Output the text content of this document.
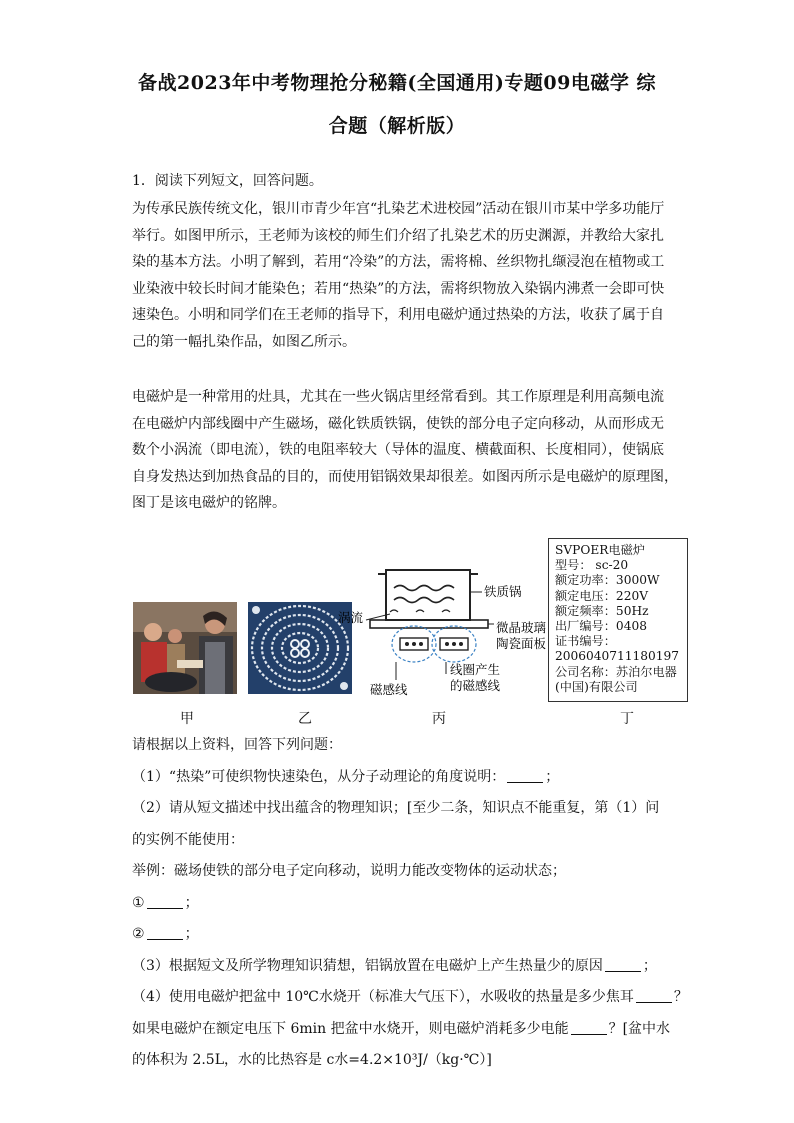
备战2023年中考物理抢分秘籍(全国通用)专题09电磁学 综
合题（解析版）
1．阅读下列短文，回答问题。
为传承民族传统文化，银川市青少年宫“扎染艺术进校园”活动在银川市某中学多功能厅
举行。如图甲所示，王老师为该校的师生们介绍了扎染艺术的历史渊源，并教给大家扎
染的基本方法。小明了解到，若用“冷染”的方法，需将棉、丝织物扎缬浸泡在植物或工
业染液中较长时间才能染色；若用“热染”的方法，需将织物放入染锅内沸煮一会即可快
速染色。小明和同学们在王老师的指导下，利用电磁炉通过热染的方法，收获了属于自
己的第一幅扎染作品，如图乙所示。
电磁炉是一种常用的灶具，尤其在一些火锅店里经常看到。其工作原理是利用高频电流
在电磁炉内部线圈中产生磁场，磁化铁质铁锅，使铁的部分电子定向移动，从而形成无
数个小涡流（即电流），铁的电阻率较大（导体的温度、横截面积、长度相同），使锅底
自身发热达到加热食品的目的，而使用铝锅效果却很差。如图丙所示是电磁炉的原理图，
图丁是该电磁炉的铭牌。
铁质锅
涡流
微晶玻璃
陶瓷面板
线圈产生
的磁感线
磁感线
SVPOER电磁炉
型号： sc-20
额定功率：3000W
额定电压：220V
额定频率：50Hz
出厂编号：0408
证书编号：
2006040711180197
公司名称：苏泊尔电器
(中国)有限公司
甲	乙	丙	丁
请根据以上资料，回答下列问题：
（1）“热染”可使织物快速染色，从分子动理论的角度说明：	；
（2）请从短文描述中找出蕴含的物理知识；[至少二条，知识点不能重复，第（1）问
的实例不能使用：
举例：磁场使铁的部分电子定向移动，说明力能改变物体的运动状态；
①	；
②	；
（3）根据短文及所学物理知识猜想，铝锅放置在电磁炉上产生热量少的原因	；
（4）使用电磁炉把盆中 10℃水烧开（标准大气压下），水吸收的热量是多少焦耳	？
如果电磁炉在额定电压下 6min 把盆中水烧开，则电磁炉消耗多少电能	？[盆中水
的体积为 2.5L，水的比热容是 c水=4.2×10³J/（kg·℃）]
